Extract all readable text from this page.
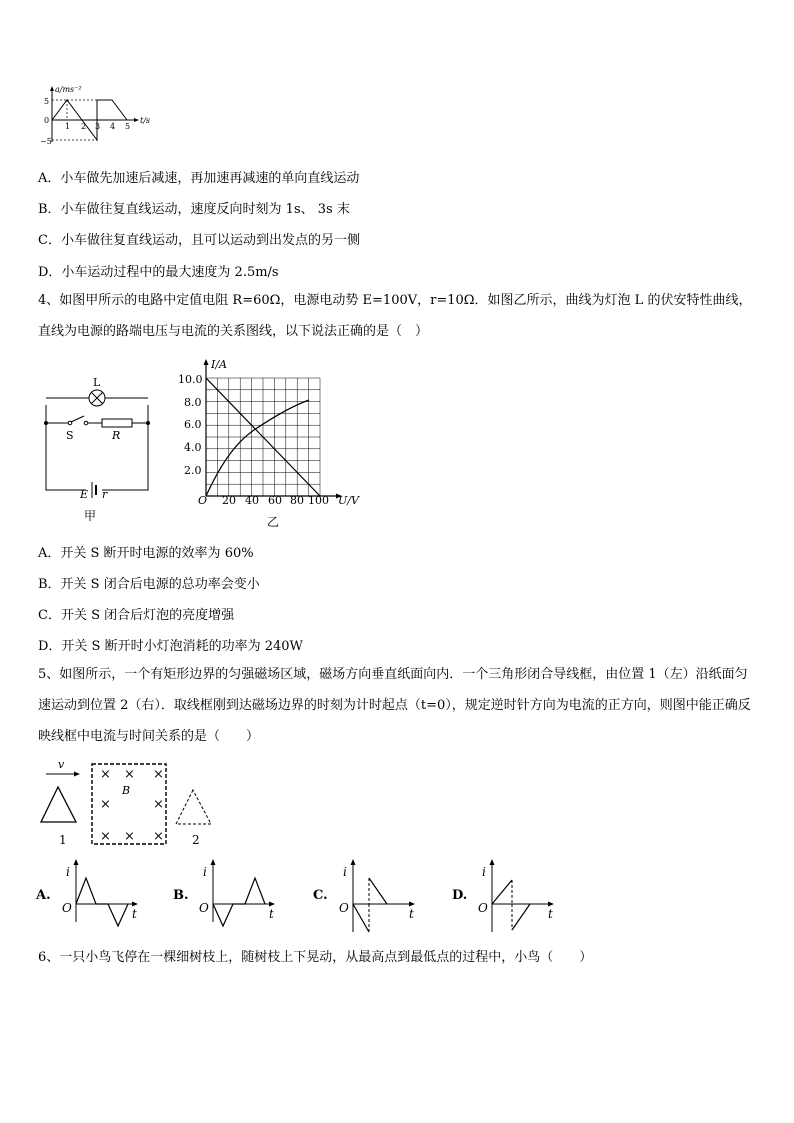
a/ms⁻²
t/s
5
0
−5
1 2 3 4 5
A．小车做先加速后减速，再加速再减速的单向直线运动
B．小车做往复直线运动，速度反向时刻为 1s、 3s 末
C．小车做往复直线运动，且可以运动到出发点的另一侧
D．小车运动过程中的最大速度为 2.5m/s
4、如图甲所示的电路中定值电阻 R=60Ω，电源电动势 E=100V，r=10Ω．如图乙所示，曲线为灯泡 L 的伏安特性曲线，直线为电源的路端电压与电流的关系图线，以下说法正确的是（　）
L
S	R
E r
甲
I/A
U/V
O
10.0
8.0
6.0
4.0
2.0
20 40 60 80 100
乙
A．开关 S 断开时电源的效率为 60%
B．开关 S 闭合后电源的总功率会变小
C．开关 S 闭合后灯泡的亮度增强
D．开关 S 断开时小灯泡消耗的功率为 240W
5、如图所示，一个有矩形边界的匀强磁场区域，磁场方向垂直纸面向内．一个三角形闭合导线框，由位置 1（左）沿纸面匀速运动到位置 2（右）．取线框刚到达磁场边界的时刻为计时起点（t=0），规定逆时针方向为电流的正方向，则图中能正确反映线框中电流与时间关系的是（　　）
v
1
× × ×
×	×
× × ×
B
2
A.
i
O	t
B.
i
O	t
C.
i
O	t
D.
i
O	t
6、一只小鸟飞停在一棵细树枝上，随树枝上下晃动，从最高点到最低点的过程中，小鸟（　　）
